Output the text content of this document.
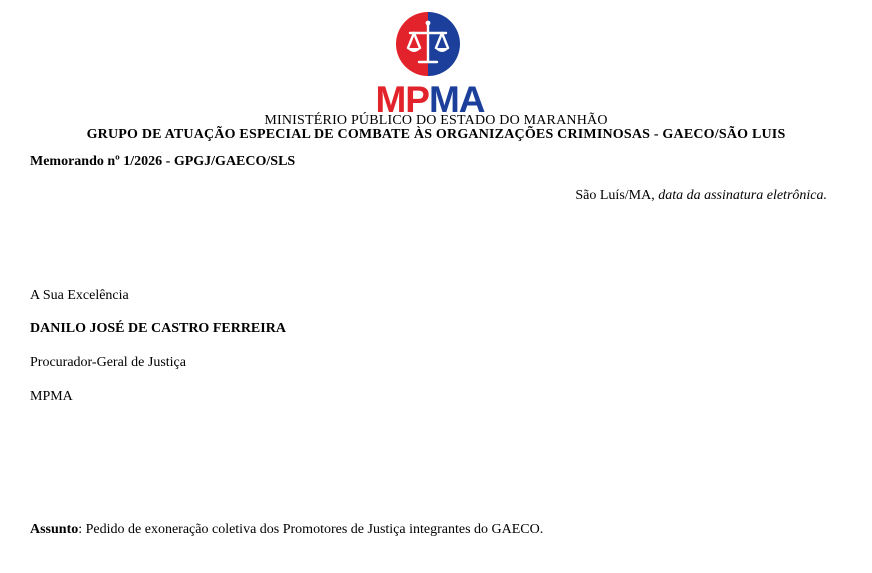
MPMA
MINISTÉRIO PÚBLICO DO ESTADO DO MARANHÃO
GRUPO DE ATUAÇÃO ESPECIAL DE COMBATE ÀS ORGANIZAÇÕES CRIMINOSAS - GAECO/SÃO LUIS
Memorando nº 1/2026 - GPGJ/GAECO/SLS
São Luís/MA, data da assinatura eletrônica.
A Sua Excelência
DANILO JOSÉ DE CASTRO FERREIRA
Procurador-Geral de Justiça
MPMA
Assunto: Pedido de exoneração coletiva dos Promotores de Justiça integrantes do GAECO.
